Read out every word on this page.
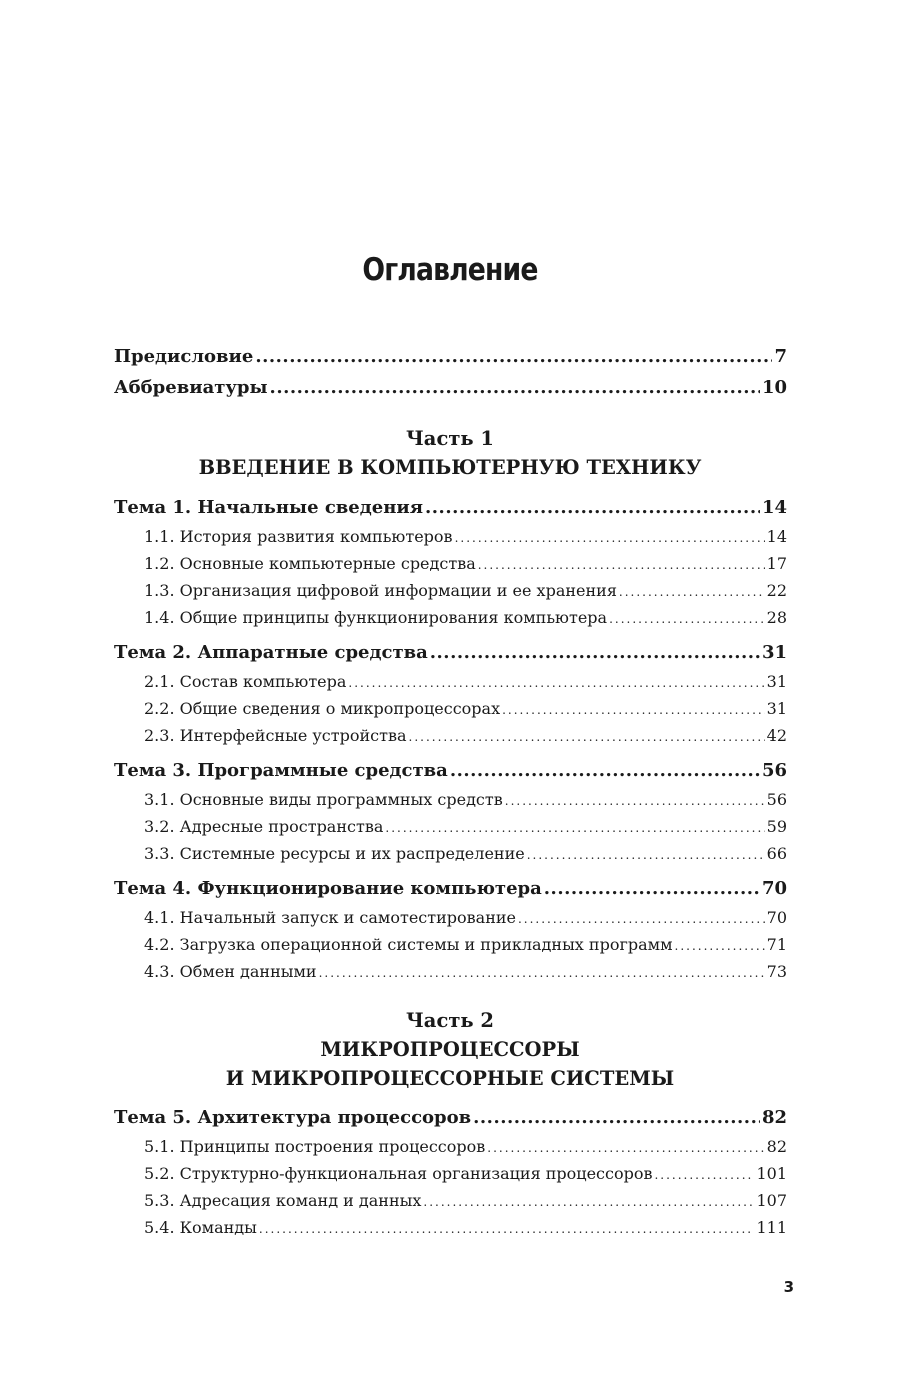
Оглавление
Предисловие .....	7
Аббревиатуры .....	10
Часть 1
ВВЕДЕНИЕ В КОМПЬЮТЕРНУЮ ТЕХНИКУ
Тема 1. Начальные сведения .....	14
1.1. История развития компьютеров .....	14
1.2. Основные компьютерные средства .....	17
1.3. Организация цифровой информации и ее хранения .....	22
1.4. Общие принципы функционирования компьютера .....	28
Тема 2. Аппаратные средства .....	31
2.1. Состав компьютера .....	31
2.2. Общие сведения о микропроцессорах .....	31
2.3. Интерфейсные устройства .....	42
Тема 3. Программные средства .....	56
3.1. Основные виды программных средств .....	56
3.2. Адресные пространства .....	59
3.3. Системные ресурсы и их распределение .....	66
Тема 4. Функционирование компьютера .....	70
4.1. Начальный запуск и самотестирование .....	70
4.2. Загрузка операционной системы и прикладных программ .....	71
4.3. Обмен данными .....	73
Часть 2
МИКРОПРОЦЕССОРЫ
И МИКРОПРОЦЕССОРНЫЕ СИСТЕМЫ
Тема 5. Архитектура процессоров .....	82
5.1. Принципы построения процессоров .....	82
5.2. Структурно-функциональная организация процессоров .....	101
5.3. Адресация команд и данных .....	107
5.4. Команды .....	111
3
